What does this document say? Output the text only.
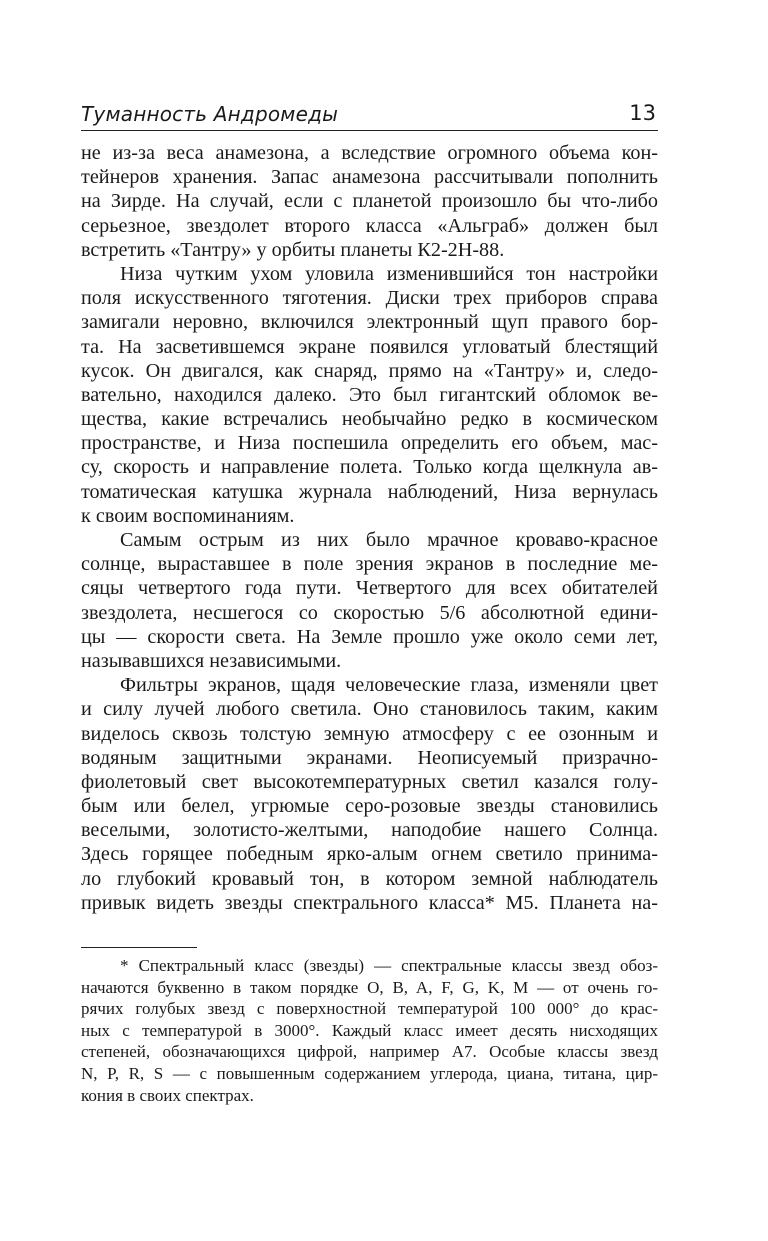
Туманность Андромеды	13
не из-за веса анамезона, а вследствие огромного объема кон-
тейнеров хранения. Запас анамезона рассчитывали пополнить
на Зирде. На случай, если с планетой произошло бы что-либо
серьезное, звездолет второго класса «Альграб» должен был
встретить «Тантру» у орбиты планеты К2-2Н-88.
Низа чутким ухом уловила изменившийся тон настройки
поля искусственного тяготения. Диски трех приборов справа
замигали неровно, включился электронный щуп правого бор-
та. На засветившемся экране появился угловатый блестящий
кусок. Он двигался, как снаряд, прямо на «Тантру» и, следо-
вательно, находился далеко. Это был гигантский обломок ве-
щества, какие встречались необычайно редко в космическом
пространстве, и Низа поспешила определить его объем, мас-
су, скорость и направление полета. Только когда щелкнула ав-
томатическая катушка журнала наблюдений, Низа вернулась
к своим воспоминаниям.
Самым острым из них было мрачное кроваво-красное
солнце, выраставшее в поле зрения экранов в последние ме-
сяцы четвертого года пути. Четвертого для всех обитателей
звездолета, несшегося со скоростью 5/6 абсолютной едини-
цы — скорости света. На Земле прошло уже около семи лет,
называвшихся независимыми.
Фильтры экранов, щадя человеческие глаза, изменяли цвет
и силу лучей любого светила. Оно становилось таким, каким
виделось сквозь толстую земную атмосферу с ее озонным и
водяным защитными экранами. Неописуемый призрачно-
фиолетовый свет высокотемпературных светил казался голу-
бым или белел, угрюмые серо-розовые звезды становились
веселыми, золотисто-желтыми, наподобие нашего Солнца.
Здесь горящее победным ярко-алым огнем светило принима-
ло глубокий кровавый тон, в котором земной наблюдатель
привык видеть звезды спектрального класса* М5. Планета на-
* Спектральный класс (звезды) — спектральные классы звезд обоз-
начаются буквенно в таком порядке O, B, A, F, G, K, M — от очень го-
рячих голубых звезд с поверхностной температурой 100 000° до крас-
ных с температурой в 3000°. Каждый класс имеет десять нисходящих
степеней, обозначающихся цифрой, например А7. Особые классы звезд
N, P, R, S — с повышенным содержанием углерода, циана, титана, цир-
кония в своих спектрах.
